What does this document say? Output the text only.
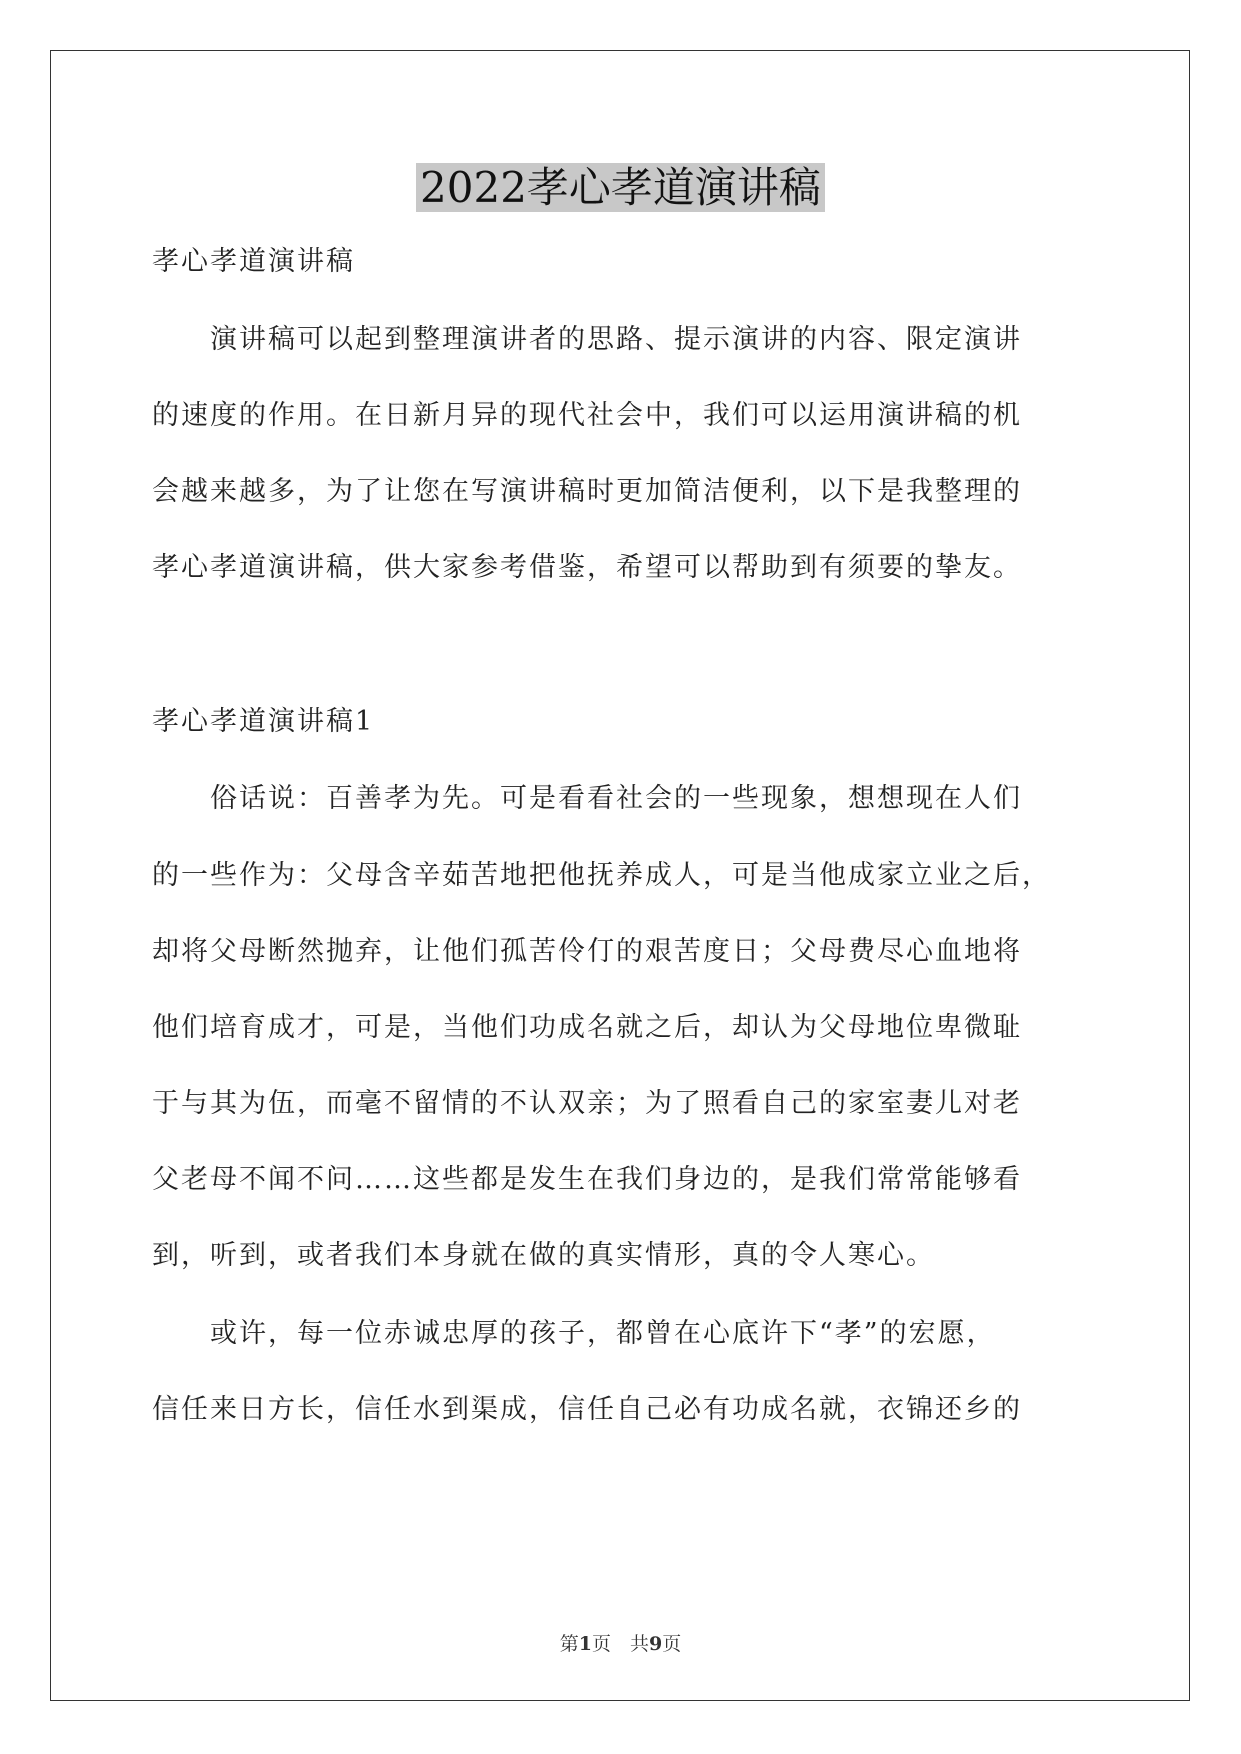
2022孝心孝道演讲稿
孝心孝道演讲稿
　　演讲稿可以起到整理演讲者的思路、提示演讲的内容、限定演讲
的速度的作用。在日新月异的现代社会中，我们可以运用演讲稿的机
会越来越多，为了让您在写演讲稿时更加简洁便利，以下是我整理的
孝心孝道演讲稿，供大家参考借鉴，希望可以帮助到有须要的挚友。
孝心孝道演讲稿1
　　俗话说：百善孝为先。可是看看社会的一些现象，想想现在人们
的一些作为：父母含辛茹苦地把他抚养成人，可是当他成家立业之后，
却将父母断然抛弃，让他们孤苦伶仃的艰苦度日；父母费尽心血地将
他们培育成才，可是，当他们功成名就之后，却认为父母地位卑微耻
于与其为伍，而毫不留情的不认双亲；为了照看自己的家室妻儿对老
父老母不闻不问……这些都是发生在我们身边的，是我们常常能够看
到，听到，或者我们本身就在做的真实情形，真的令人寒心。
　　或许，每一位赤诚忠厚的孩子，都曾在心底许下“孝”的宏愿，
信任来日方长，信任水到渠成，信任自己必有功成名就，衣锦还乡的
第1页　 共9页
